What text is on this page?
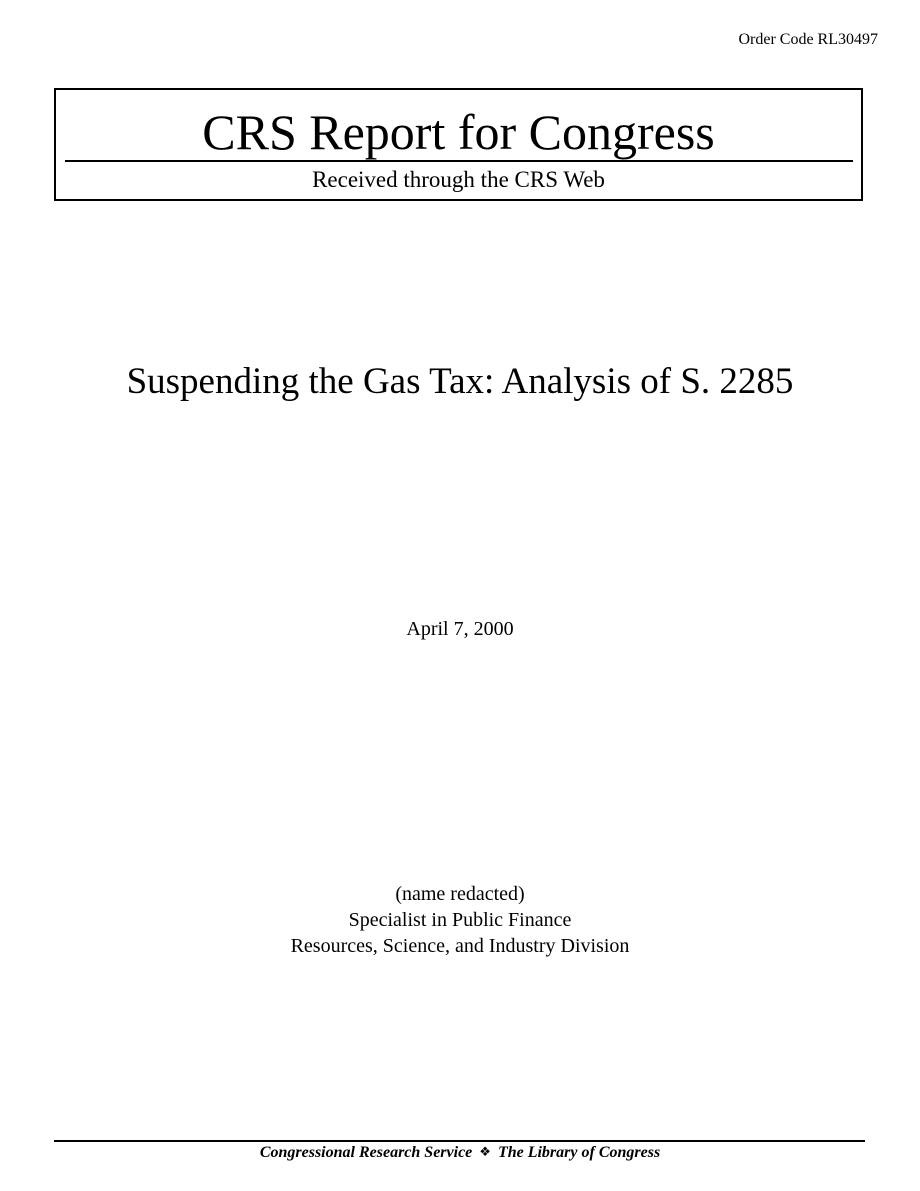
Order Code RL30497
CRS Report for Congress
Received through the CRS Web
Suspending the Gas Tax: Analysis of S. 2285
April 7, 2000
(name redacted)
Specialist in Public Finance
Resources, Science, and Industry Division
Congressional Research Service ❖ The Library of Congress
